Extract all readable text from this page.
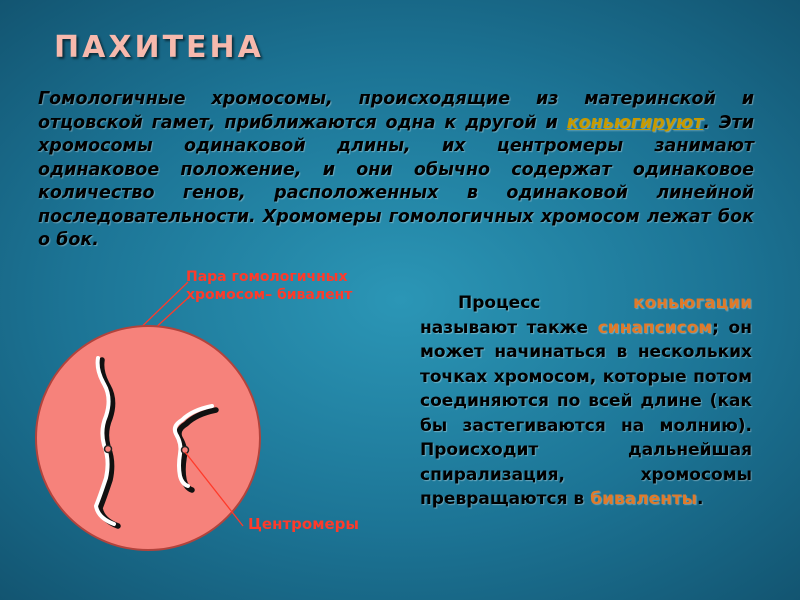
ПАХИТЕНА
Гомологичные хромосомы, происходящие из материнской и отцовской гамет, приближаются одна к другой и коньюгируют. Эти хромосомы одинаковой длины, их центромеры занимают одинаковое положение, и они обычно содержат одинаковое количество генов, расположенных в одинаковой линейной последовательности. Хромомеры гомологичных хромосом лежат бок о бок.
Пара гомологичных хромосом– бивалент
Центромеры
Процесс коньюгации называют также синапсисом; он может начинаться в нескольких точках хромосом, которые потом соединяются по всей длине (как бы застегиваются на молнию). Происходит дальнейшая спирализация, хромосомы превращаются в биваленты.
